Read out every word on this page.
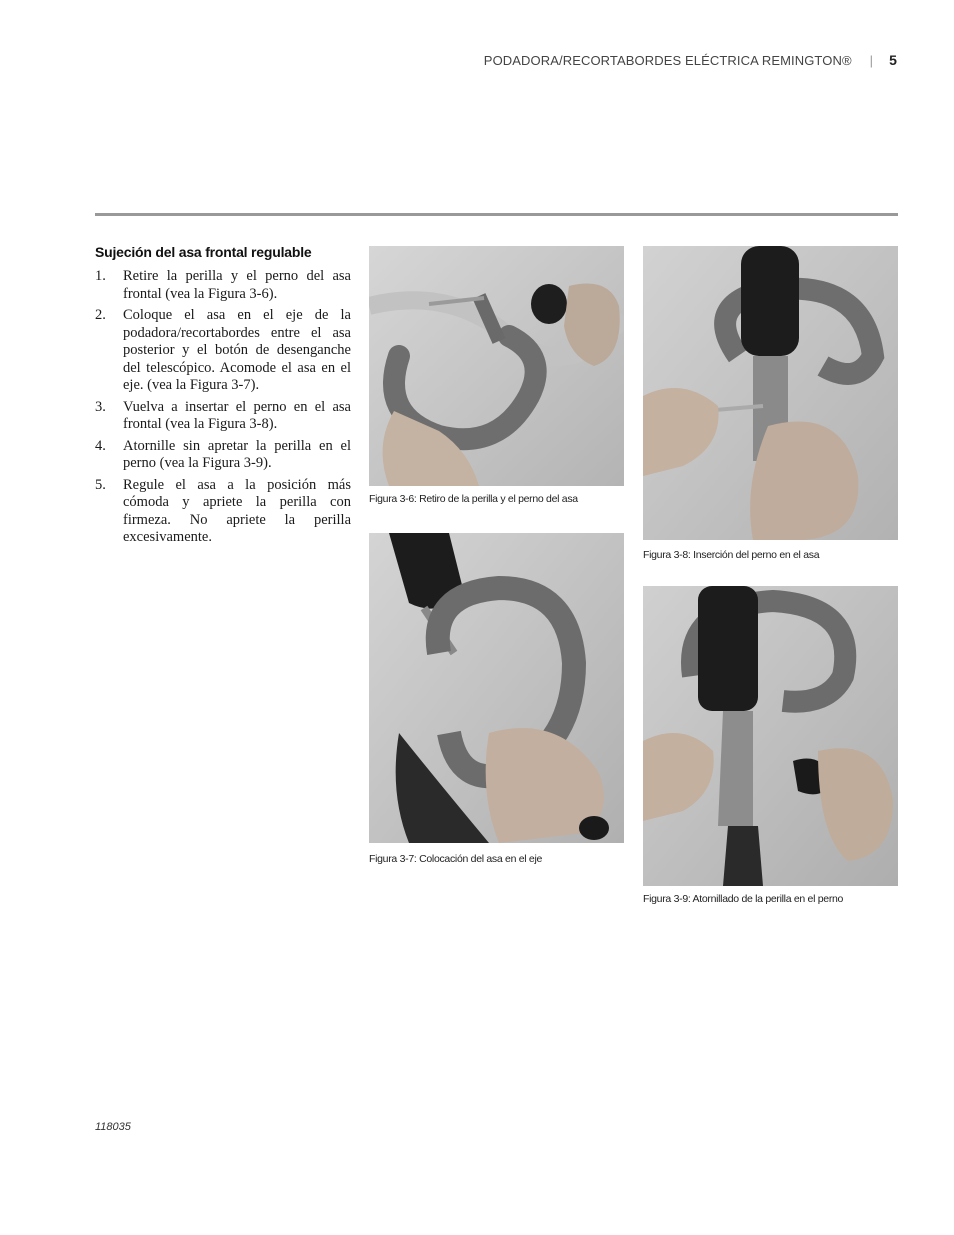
PODADORA/RECORTABORDES ELÉCTRICA REMINGTON® | 5
Sujeción del asa frontal regulable
1.	Retire la perilla y el perno del asa frontal (vea la Figura 3-6).
2.	Coloque el asa en el eje de la podadora/recortabordes entre el asa posterior y el botón de desenganche del telescópico. Acomode el asa en el eje. (vea la Figura 3-7).
3.	Vuelva a insertar el perno en el asa frontal (vea la Figura 3-8).
4.	Atornille sin apretar la perilla en el perno (vea la Figura 3-9).
5.	Regule el asa a la posición más cómoda y apriete la perilla con firmeza. No apriete la perilla excesivamente.
Figura 3-6: Retiro de la perilla y el perno del asa
Figura 3-7: Colocación del asa en el eje
Figura 3-8: Inserción del perno en el asa
Figura 3-9: Atornillado de la perilla en el perno
118035
